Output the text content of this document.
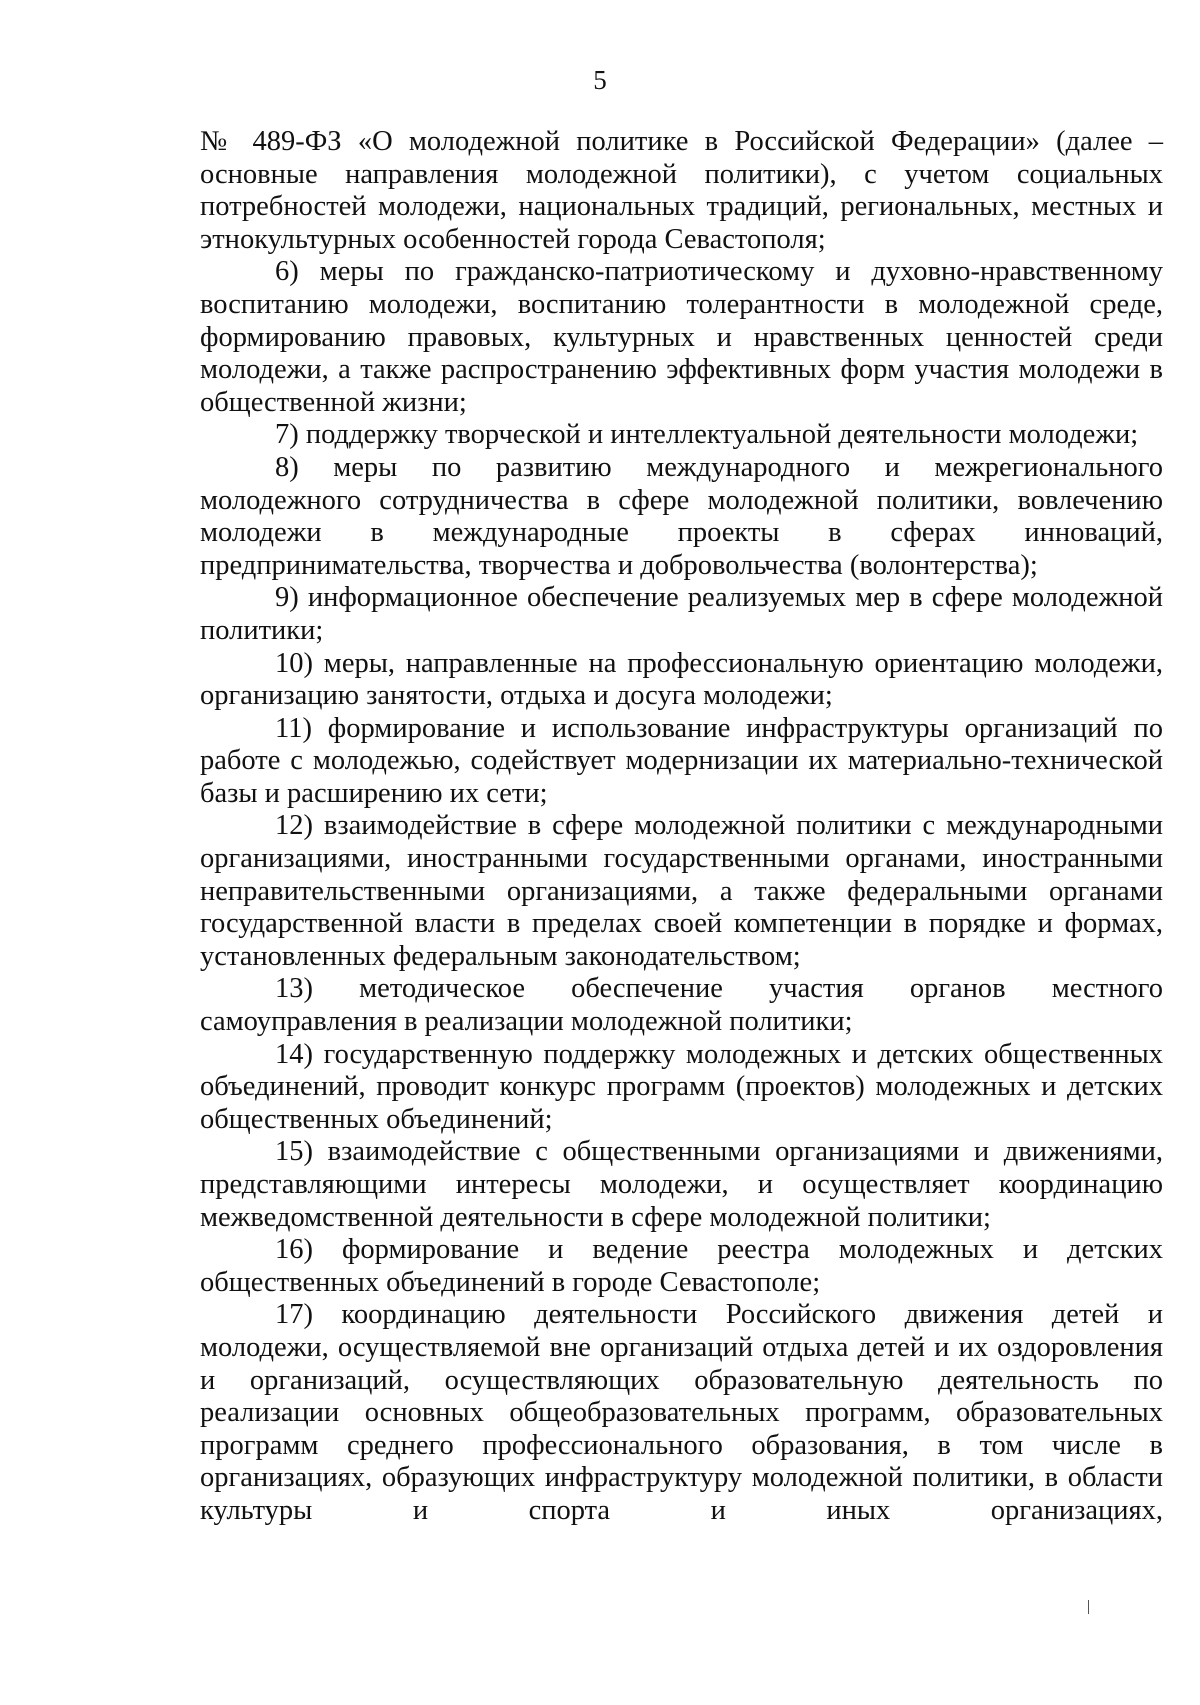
5

№ 489-ФЗ «О молодежной политике в Российской Федерации» (далее – основные направления молодежной политики), с учетом социальных потребностей молодежи, национальных традиций, региональных, местных и этнокультурных особенностей города Севастополя;

6) меры по гражданско-патриотическому и духовно-нравственному воспитанию молодежи, воспитанию толерантности в молодежной среде, формированию правовых, культурных и нравственных ценностей среди молодежи, а также распространению эффективных форм участия молодежи в общественной жизни;

7) поддержку творческой и интеллектуальной деятельности молодежи;

8) меры по развитию международного и межрегионального молодежного сотрудничества в сфере молодежной политики, вовлечению молодежи в международные проекты в сферах инноваций, предпринимательства, творчества и добровольчества (волонтерства);

9) информационное обеспечение реализуемых мер в сфере молодежной политики;

10) меры, направленные на профессиональную ориентацию молодежи, организацию занятости, отдыха и досуга молодежи;

11) формирование и использование инфраструктуры организаций по работе с молодежью, содействует модернизации их материально-технической базы и расширению их сети;

12) взаимодействие в сфере молодежной политики с международными организациями, иностранными государственными органами, иностранными неправительственными организациями, а также федеральными органами государственной власти в пределах своей компетенции в порядке и формах, установленных федеральным законодательством;

13) методическое обеспечение участия органов местного самоуправления в реализации молодежной политики;

14) государственную поддержку молодежных и детских общественных объединений, проводит конкурс программ (проектов) молодежных и детских общественных объединений;

15) взаимодействие с общественными организациями и движениями, представляющими интересы молодежи, и осуществляет координацию межведомственной деятельности в сфере молодежной политики;

16) формирование и ведение реестра молодежных и детских общественных объединений в городе Севастополе;

17) координацию деятельности Российского движения детей и молодежи, осуществляемой вне организаций отдыха детей и их оздоровления и организаций, осуществляющих образовательную деятельность по реализации основных общеобразовательных программ, образовательных программ среднего профессионального образования, в том числе в организациях, образующих инфраструктуру молодежной политики, в области культуры и спорта и иных организациях,
